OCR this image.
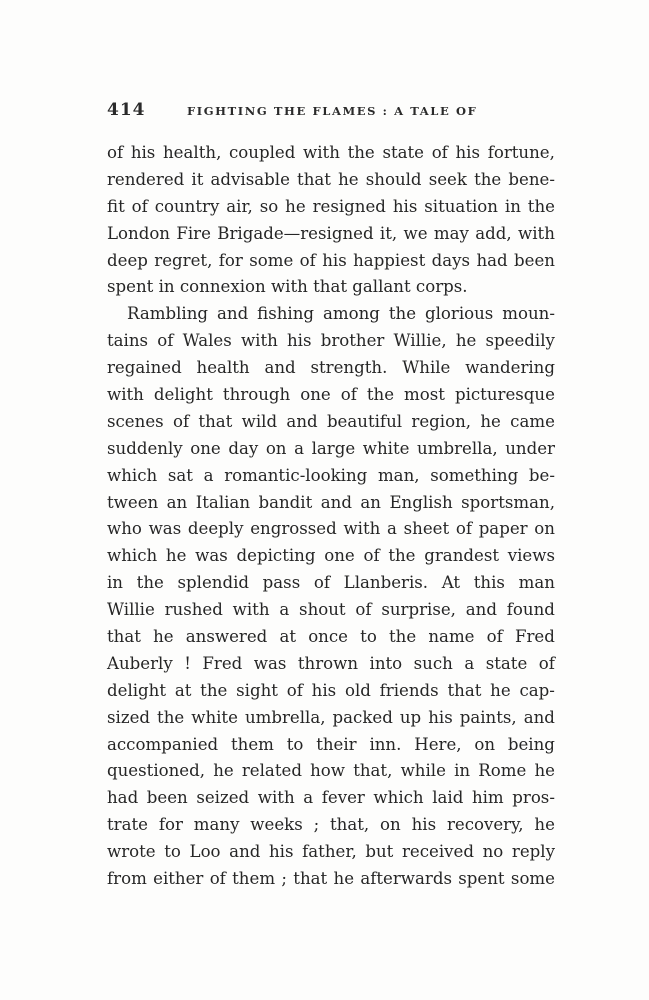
414	FIGHTING THE FLAMES : A TALE OF
of his health, coupled with the state of his fortune,
rendered it advisable that he should seek the bene-
fit of country air, so he resigned his situation in the
London Fire Brigade—resigned it, we may add, with
deep regret, for some of his happiest days had been
spent in connexion with that gallant corps.
Rambling and fishing among the glorious moun-
tains of Wales with his brother Willie, he speedily
regained health and strength. While wandering
with delight through one of the most picturesque
scenes of that wild and beautiful region, he came
suddenly one day on a large white umbrella, under
which sat a romantic-looking man, something be-
tween an Italian bandit and an English sportsman,
who was deeply engrossed with a sheet of paper on
which he was depicting one of the grandest views
in the splendid pass of Llanberis. At this man
Willie rushed with a shout of surprise, and found
that he answered at once to the name of Fred
Auberly ! Fred was thrown into such a state of
delight at the sight of his old friends that he cap-
sized the white umbrella, packed up his paints, and
accompanied them to their inn. Here, on being
questioned, he related how that, while in Rome he
had been seized with a fever which laid him pros-
trate for many weeks ; that, on his recovery, he
wrote to Loo and his father, but received no reply
from either of them ; that he afterwards spent some
